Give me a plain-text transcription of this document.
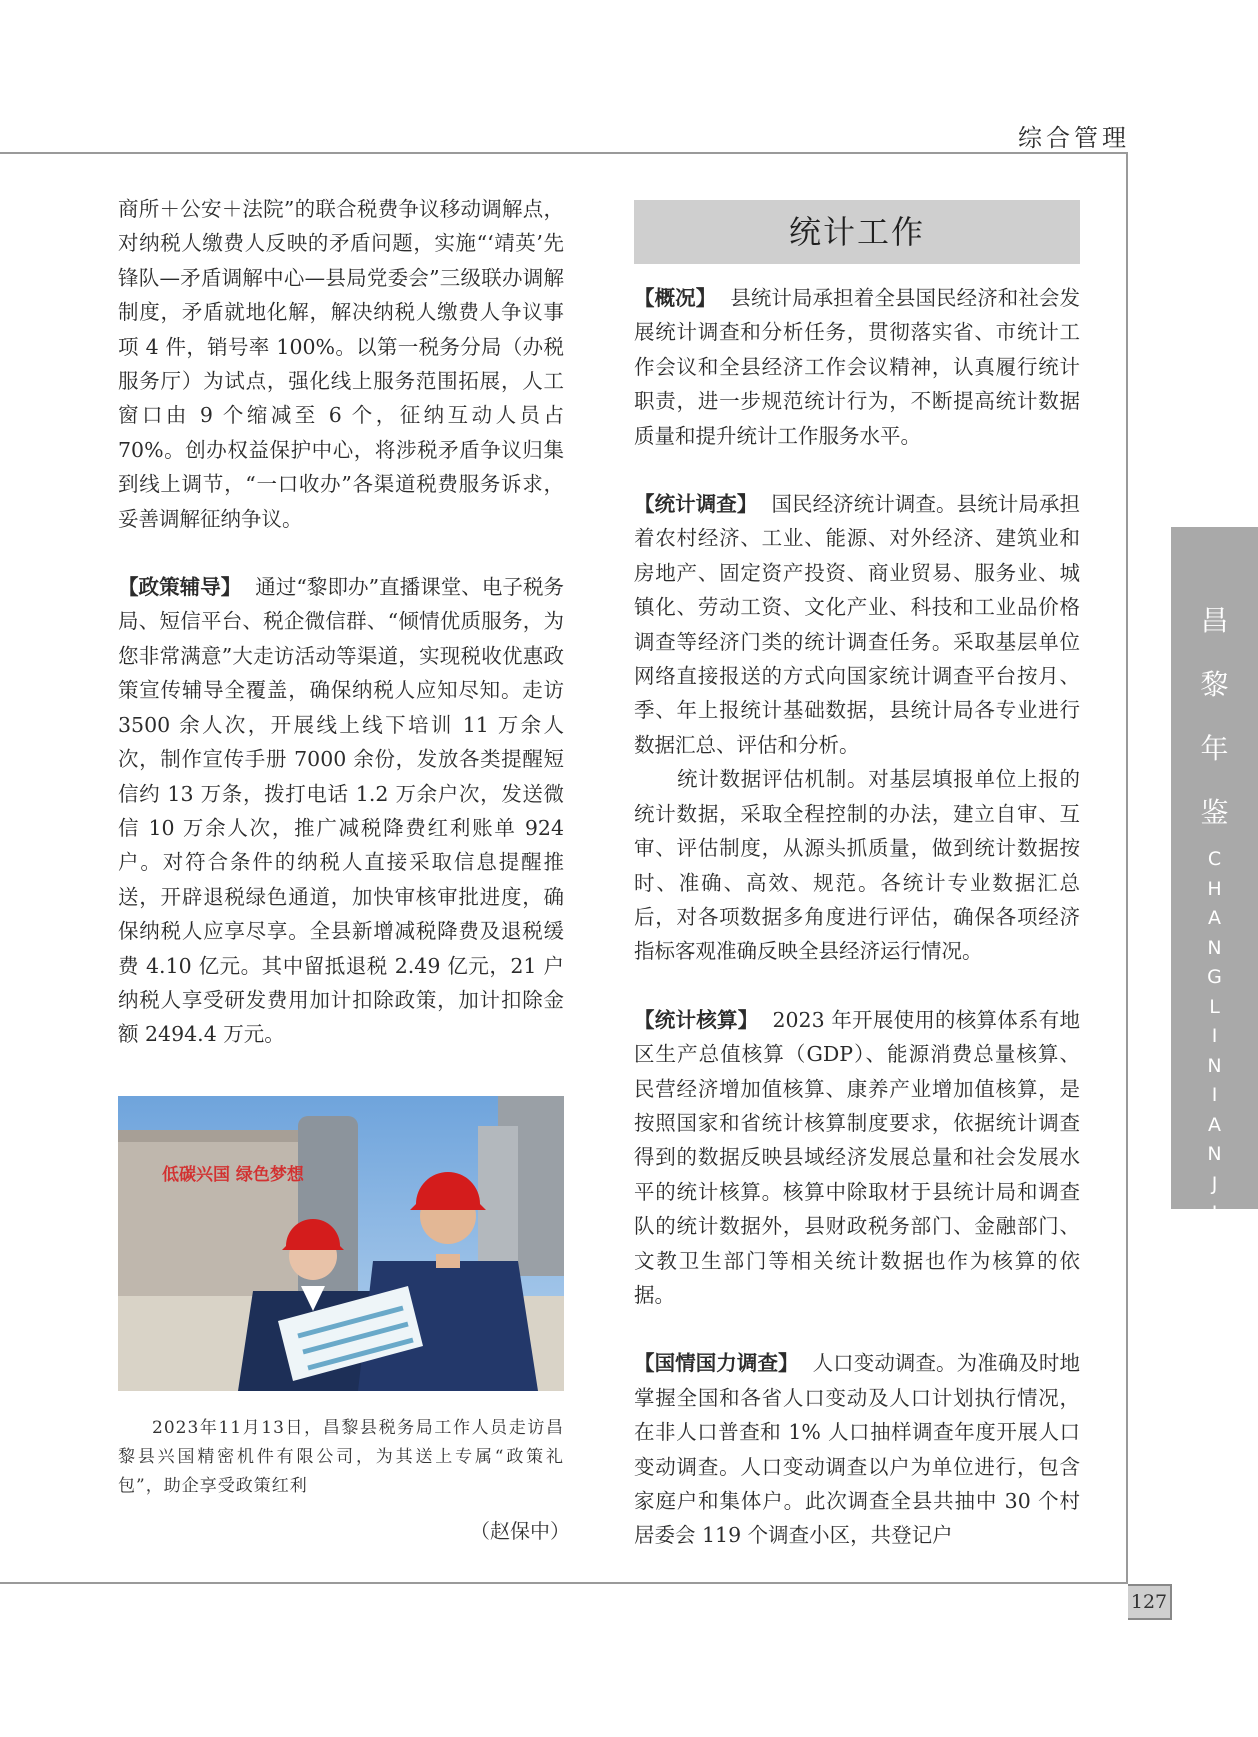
综合管理

商所＋公安＋法院”的联合税费争议移动调解点，对纳税人缴费人反映的矛盾问题，实施“‘靖英’先锋队—矛盾调解中心—县局党委会”三级联办调解制度，矛盾就地化解，解决纳税人缴费人争议事项 4 件，销号率 100%。以第一税务分局（办税服务厅）为试点，强化线上服务范围拓展，人工窗口由 9 个缩减至 6 个，征纳互动人员占 70%。创办权益保护中心，将涉税矛盾争议归集到线上调节，“一口收办”各渠道税费服务诉求，妥善调解征纳争议。

【政策辅导】 通过“黎即办”直播课堂、电子税务局、短信平台、税企微信群、“倾情优质服务，为您非常满意”大走访活动等渠道，实现税收优惠政策宣传辅导全覆盖，确保纳税人应知尽知。走访 3500 余人次，开展线上线下培训 11 万余人次，制作宣传手册 7000 余份，发放各类提醒短信约 13 万条，拨打电话 1.2 万余户次，发送微信 10 万余人次，推广减税降费红利账单 924 户。对符合条件的纳税人直接采取信息提醒推送，开辟退税绿色通道，加快审核审批进度，确保纳税人应享尽享。全县新增减税降费及退税缓费 4.10 亿元。其中留抵退税 2.49 亿元，21 户纳税人享受研发费用加计扣除政策，加计扣除金额 2494.4 万元。

低碳兴国 绿色梦想
2023年11月13日，昌黎县税务局工作人员走访昌黎县兴国精密机件有限公司，为其送上专属“政策礼包”，助企享受政策红利
（赵保中）
统计工作

【概况】 县统计局承担着全县国民经济和社会发展统计调查和分析任务，贯彻落实省、市统计工作会议和全县经济工作会议精神，认真履行统计职责，进一步规范统计行为，不断提高统计数据质量和提升统计工作服务水平。

【统计调查】 国民经济统计调查。县统计局承担着农村经济、工业、能源、对外经济、建筑业和房地产、固定资产投资、商业贸易、服务业、城镇化、劳动工资、文化产业、科技和工业品价格调查等经济门类的统计调查任务。采取基层单位网络直接报送的方式向国家统计调查平台按月、季、年上报统计基础数据，县统计局各专业进行数据汇总、评估和分析。

统计数据评估机制。对基层填报单位上报的统计数据，采取全程控制的办法，建立自审、互审、评估制度，从源头抓质量，做到统计数据按时、准确、高效、规范。各统计专业数据汇总后，对各项数据多角度进行评估，确保各项经济指标客观准确反映全县经济运行情况。

【统计核算】 2023 年开展使用的核算体系有地区生产总值核算（GDP）、能源消费总量核算、民营经济增加值核算、康养产业增加值核算，是按照国家和省统计核算制度要求，依据统计调查得到的数据反映县域经济发展总量和社会发展水平的统计核算。核算中除取材于县统计局和调查队的统计数据外，县财政税务部门、金融部门、文教卫生部门等相关统计数据也作为核算的依据。

【国情国力调查】 人口变动调查。为准确及时地掌握全国和各省人口变动及人口计划执行情况，在非人口普查和 1% 人口抽样调查年度开展人口变动调查。人口变动调查以户为单位进行，包含家庭户和集体户。此次调查全县共抽中 30 个村居委会 119 个调查小区，共登记户

昌
黎
年
鉴
C
H
A
N
G
L
I
N
I
A
N
J
I
A
N
127
